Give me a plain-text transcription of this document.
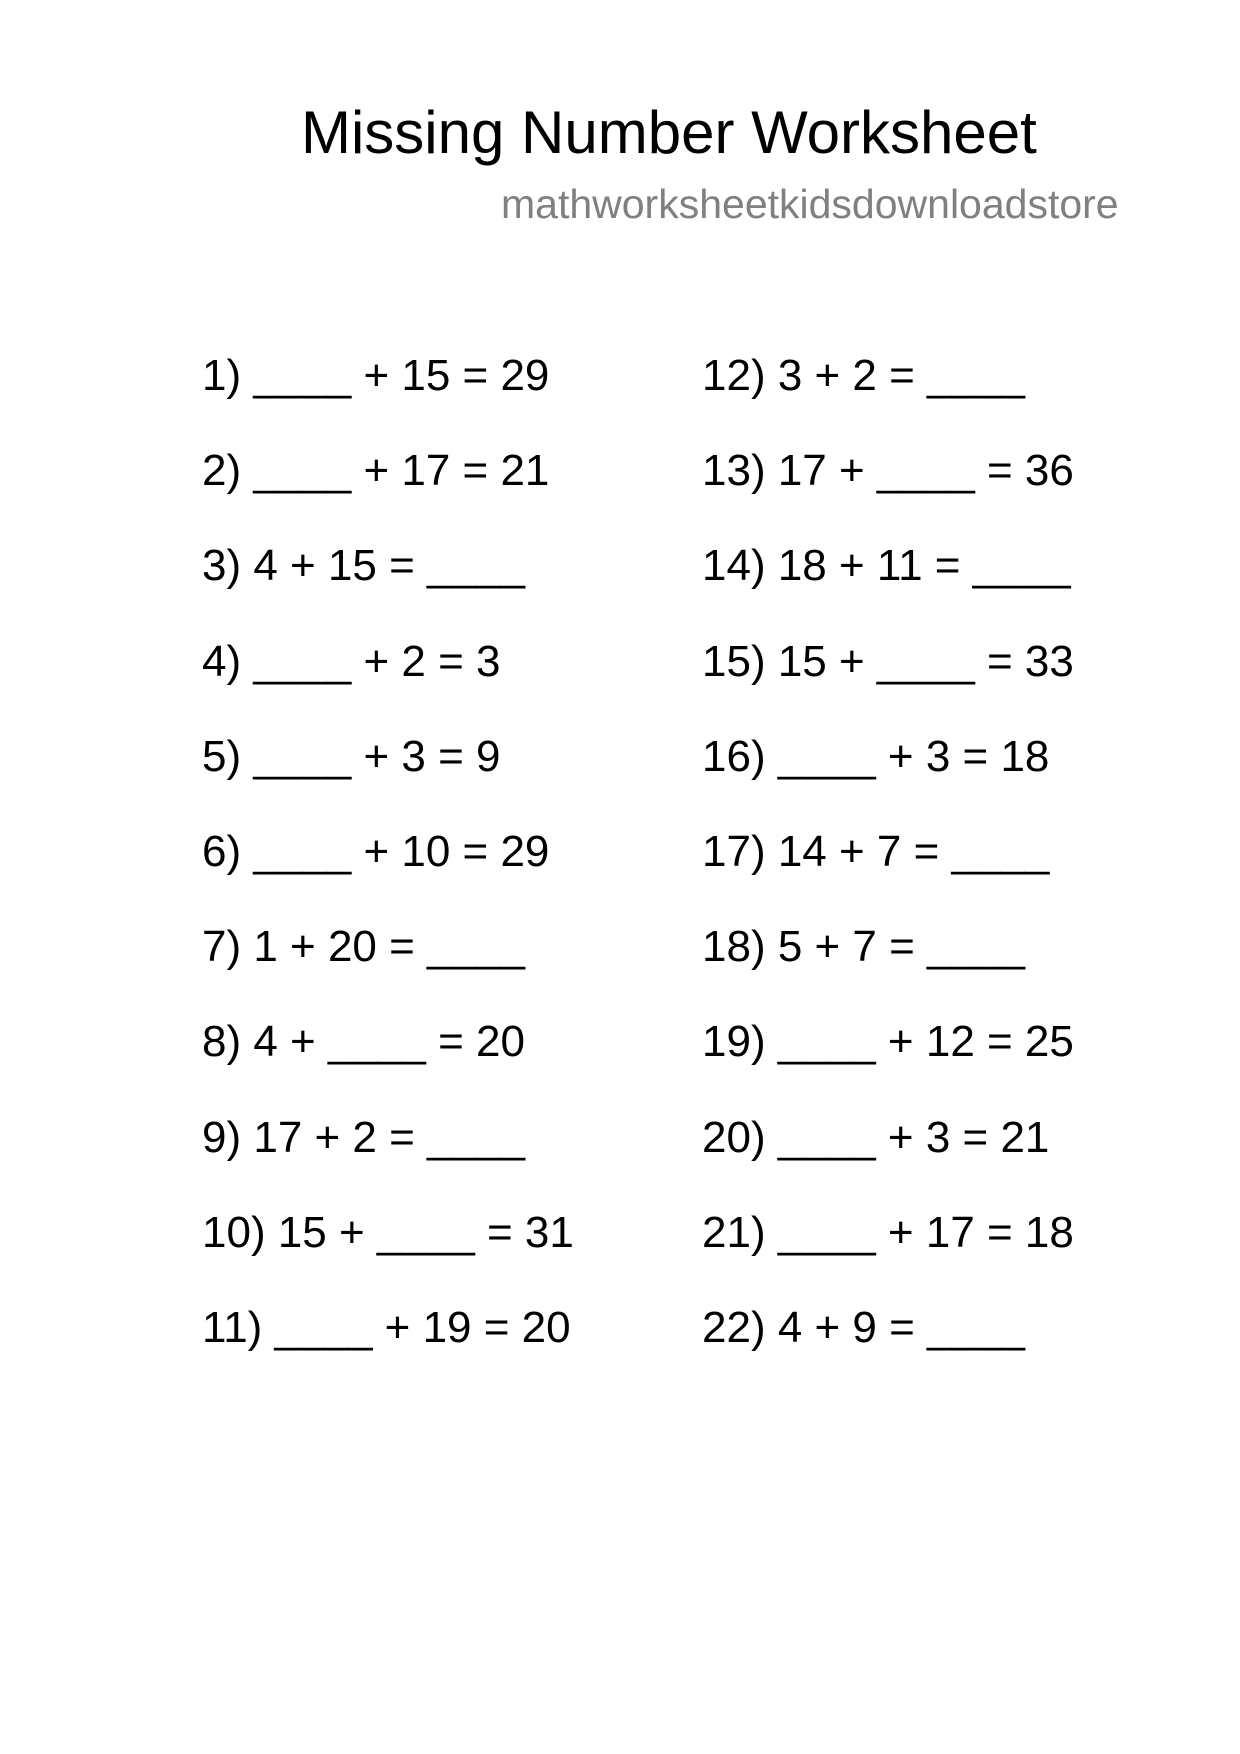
Missing Number Worksheet
mathworksheetkidsdownloadstore
1) ____ + 15 = 29
2) ____ + 17 = 21
3) 4 + 15 = ____
4) ____ + 2 = 3
5) ____ + 3 = 9
6) ____ + 10 = 29
7) 1 + 20 = ____
8) 4 + ____ = 20
9) 17 + 2 = ____
10) 15 + ____ = 31
11) ____ + 19 = 20
12) 3 + 2 = ____
13) 17 + ____ = 36
14) 18 + 11 = ____
15) 15 + ____ = 33
16) ____ + 3 = 18
17) 14 + 7 = ____
18) 5 + 7 = ____
19) ____ + 12 = 25
20) ____ + 3 = 21
21) ____ + 17 = 18
22) 4 + 9 = ____
